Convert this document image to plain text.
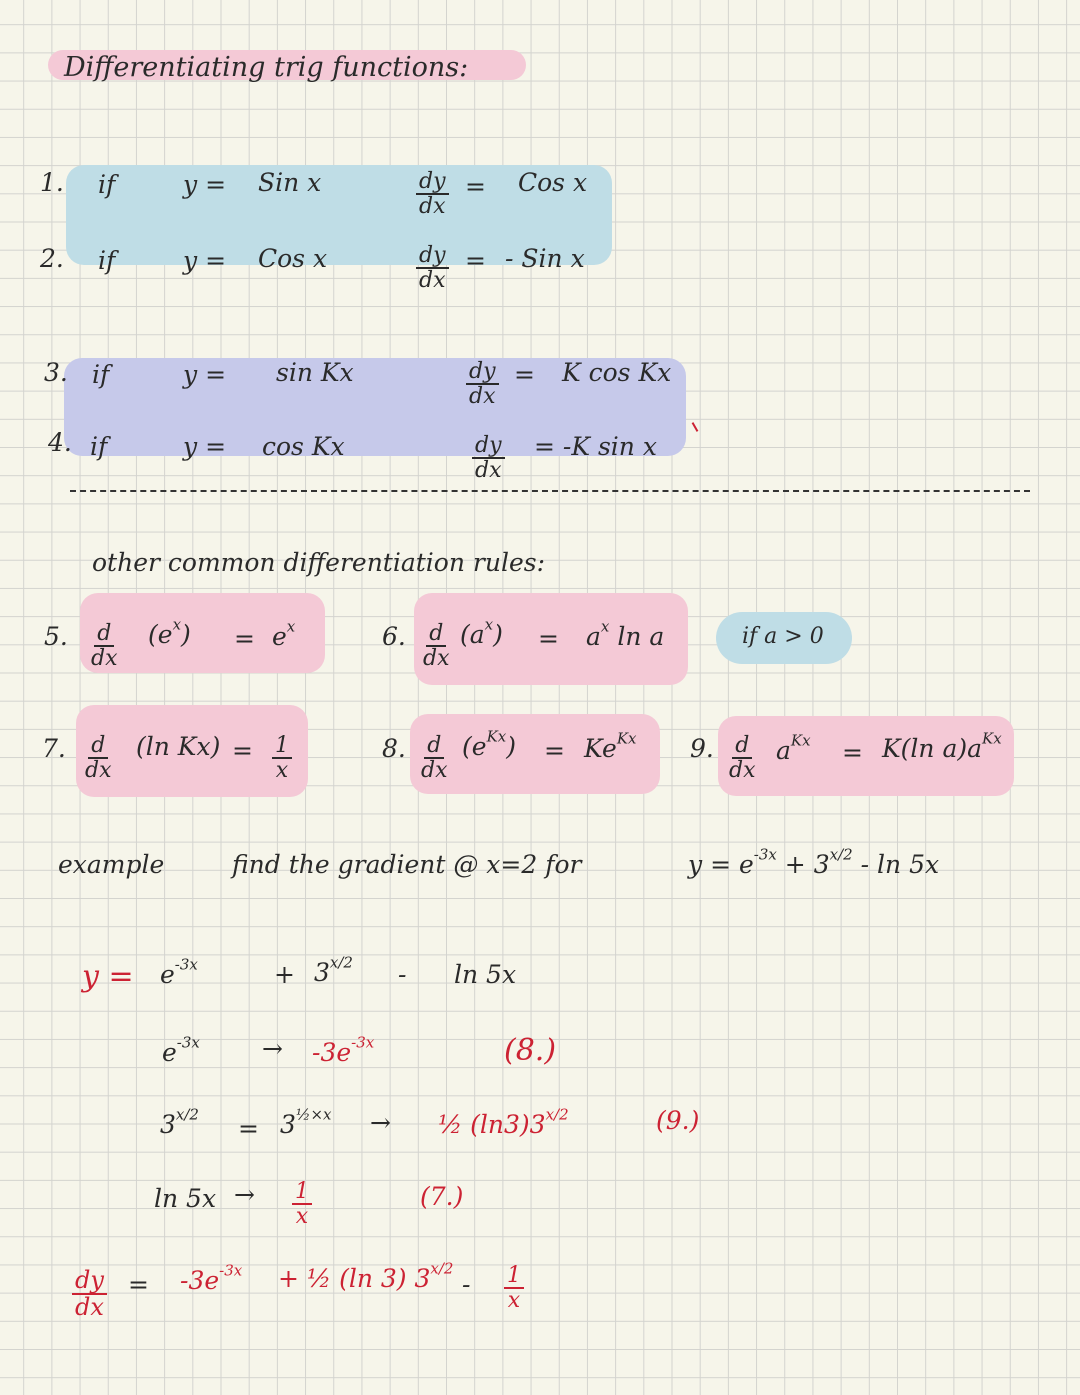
Differentiating trig functions:
1. if	y = Sin x	$\frac{dy}{dx}$ = Cos x
2. if	y = Cos x	$\frac{dy}{dx}$ = - Sin x
3. if	y = sin Kx	$\frac{dy}{dx} = K$ cos Kx
4. if	y = cos Kx	$\frac{dy}{dx} = -K$ sin x
other common differentiation rules:
5. $\frac{d}{dx} (e^x) = e^x$	6. $\frac{d}{dx} (a^x) = a^x$ ln a	if a > 0
7. $\frac{d}{dx} (\ln$ $Kx) = \frac{1}{x}$	8. $\frac{d}{dx} (e^{Kx}) = Ke^{Kx}$ 9. $\frac{d}{dx} a^{Kx} = K(\ln$ $a)a^{Kx}$
example	find the gradient @ x=2 for	$y = e^{-3x} + 3^{x/2} - \ln 5x$
$y = e^{-3x}$	+ $3^{x/2}$ - ln 5x
$e^{-3x} \to -3e^{-3x}$	(8.)
$3^{x/2} = 3^{\frac{1}{2}\times x}$ → ½ $(\ln 3)3^{x/2}$	(9.)
$\ln 5x \to \frac{1}{x}$	(7.)
$\frac{dy}{dx} = -3e^{-3x}$ + ½ (ln 3) $3^{x/2}$
- $\frac{1}{x}$
